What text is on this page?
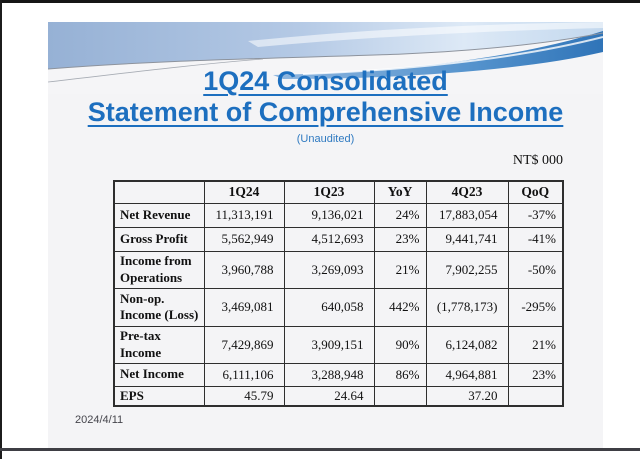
1Q24 Consolidated
Statement of Comprehensive Income
(Unaudited)
NT$ 000
	1Q24	1Q23	YoY	4Q23	QoQ
Net Revenue	11,313,191	9,136,021	24%	17,883,054	-37%
Gross Profit	5,562,949	4,512,693	23%	9,441,741	-41%
Income from Operations	3,960,788	3,269,093	21%	7,902,255	-50%
Non-op. Income (Loss)	3,469,081	640,058	442%	(1,778,173)	-295%
Pre-tax Income	7,429,869	3,909,151	90%	6,124,082	21%
Net Income	6,111,106	3,288,948	86%	4,964,881	23%
EPS	45.79	24.64		37.20	
2024/4/11
